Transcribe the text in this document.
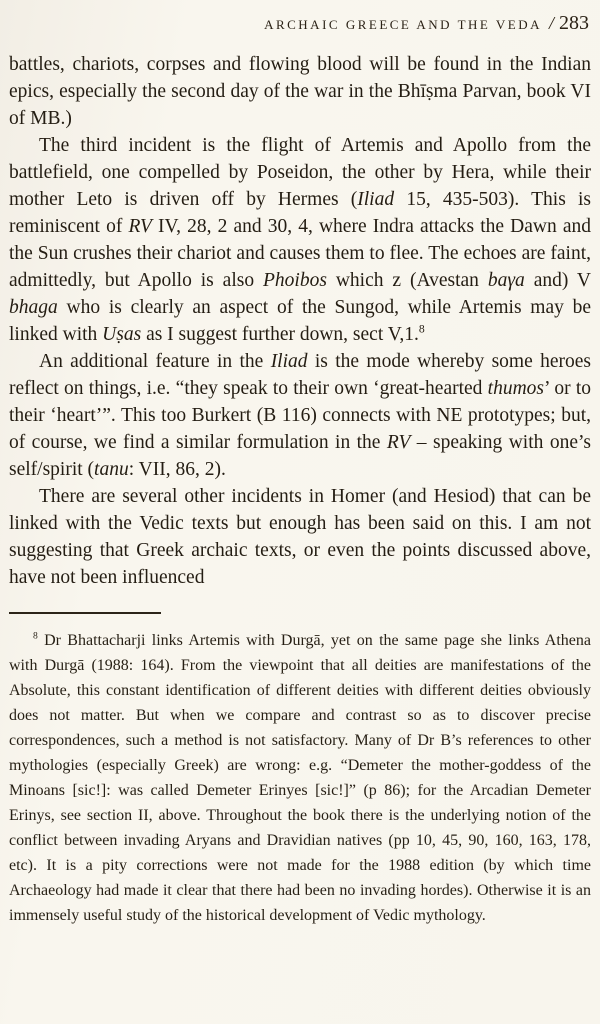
ARCHAIC GREECE AND THE VEDA / 283

battles, chariots, corpses and flowing blood will be found in the Indian epics, especially the second day of the war in the Bhīṣma Parvan, book VI of MB.)

The third incident is the flight of Artemis and Apollo from the battlefield, one compelled by Poseidon, the other by Hera, while their mother Leto is driven off by Hermes (Iliad 15, 435-503). This is reminiscent of RV IV, 28, 2 and 30, 4, where Indra attacks the Dawn and the Sun crushes their chariot and causes them to flee. The echoes are faint, admittedly, but Apollo is also Phoibos which z (Avestan baγa and) V bhaga who is clearly an aspect of the Sungod, while Artemis may be linked with Uṣas as I suggest further down, sect V,1.$^8$

An additional feature in the Iliad is the mode whereby some heroes reflect on things, i.e. “they speak to their own ‘great-hearted thumos’ or to their ‘heart’”. This too Burkert (B 116) connects with NE prototypes; but, of course, we find a similar formulation in the RV – speaking with one’s self/spirit (tanu: VII, 86, 2).

There are several other incidents in Homer (and Hesiod) that can be linked with the Vedic texts but enough has been said on this. I am not suggesting that Greek archaic texts, or even the points discussed above, have not been influenced

$^8$ Dr Bhattacharji links Artemis with Durgā, yet on the same page she links Athena with Durgā (1988: 164). From the viewpoint that all deities are manifestations of the Absolute, this constant identification of different deities with different deities obviously does not matter. But when we compare and contrast so as to discover precise correspondences, such a method is not satisfactory. Many of Dr B’s references to other mythologies (especially Greek) are wrong: e.g. “Demeter the mother-goddess of the Minoans [sic!]: was called Demeter Erinyes [sic!]” (p 86); for the Arcadian Demeter Erinys, see section II, above. Throughout the book there is the underlying notion of the conflict between invading Aryans and Dravidian natives (pp 10, 45, 90, 160, 163, 178, etc). It is a pity corrections were not made for the 1988 edition (by which time Archaeology had made it clear that there had been no invading hordes). Otherwise it is an immensely useful study of the historical development of Vedic mythology.
